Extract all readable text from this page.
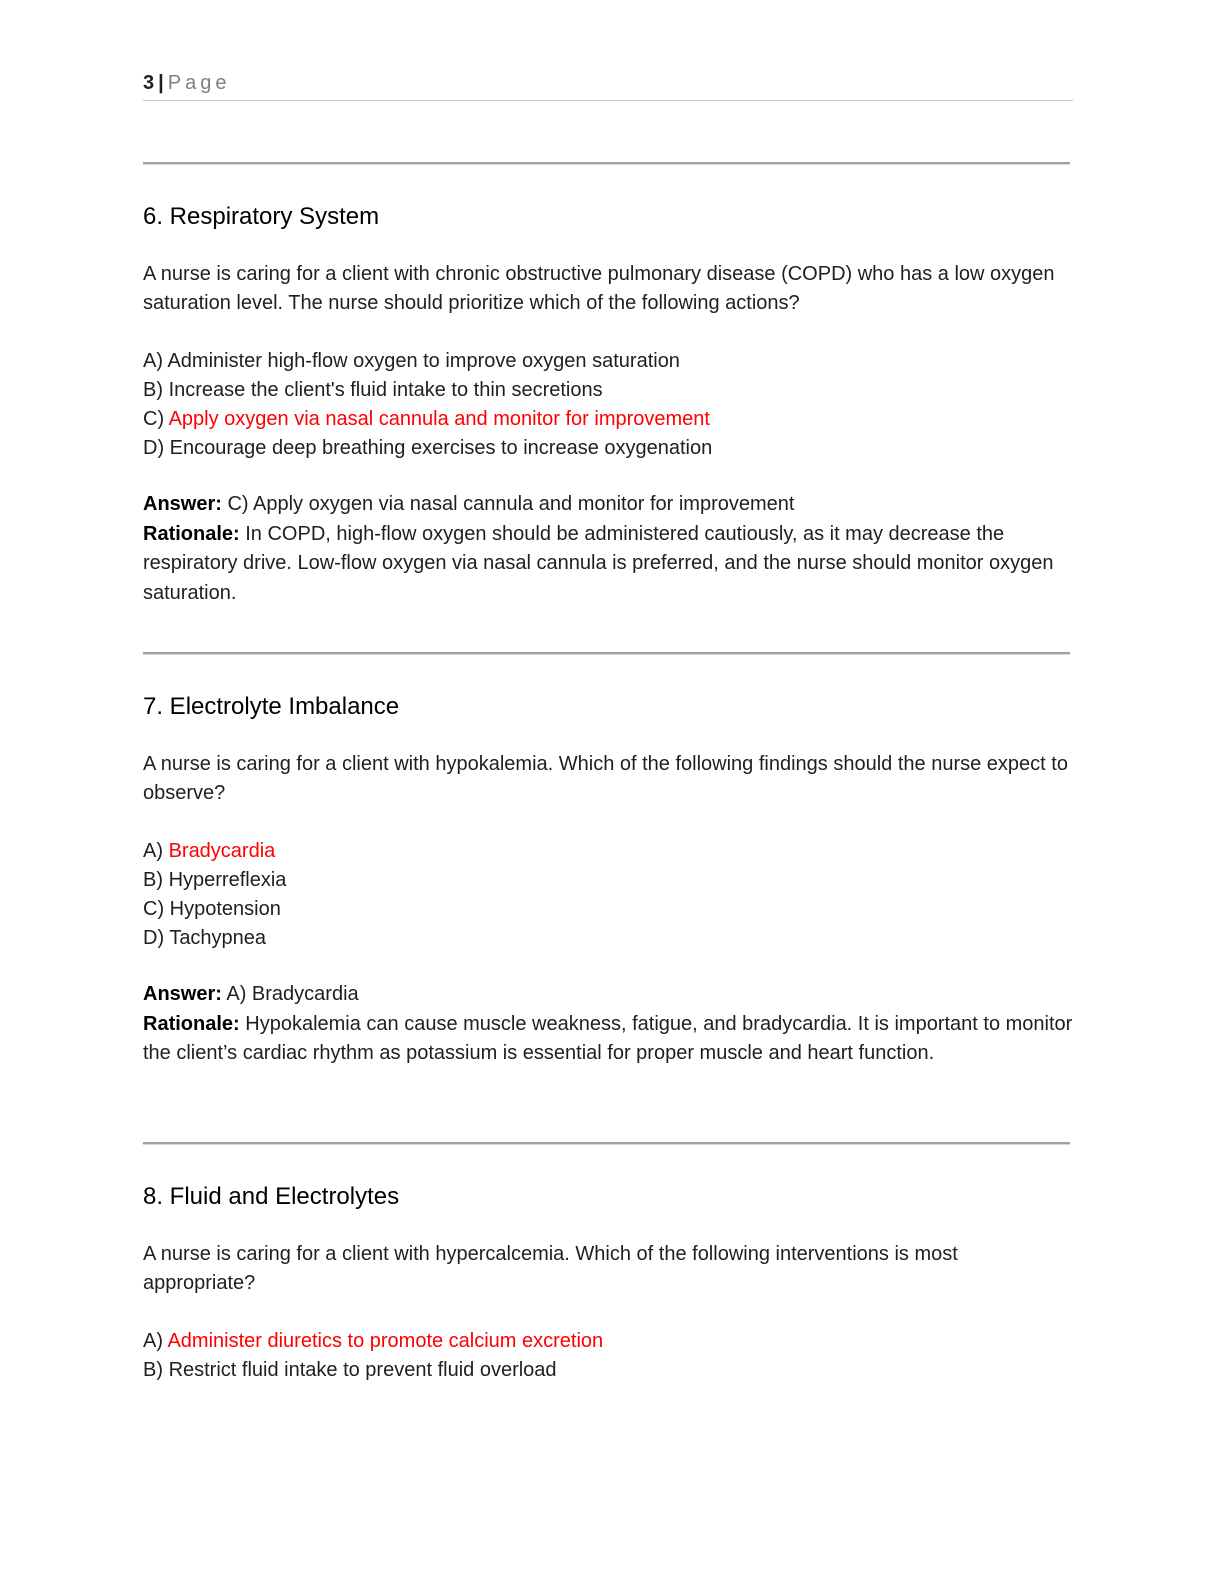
3 | Page
6. Respiratory System

A nurse is caring for a client with chronic obstructive pulmonary disease (COPD) who has a low oxygen saturation level. The nurse should prioritize which of the following actions?

A) Administer high-flow oxygen to improve oxygen saturation
B) Increase the client's fluid intake to thin secretions
C) Apply oxygen via nasal cannula and monitor for improvement
D) Encourage deep breathing exercises to increase oxygenation

Answer: C) Apply oxygen via nasal cannula and monitor for improvement
Rationale: In COPD, high-flow oxygen should be administered cautiously, as it may decrease the respiratory drive. Low-flow oxygen via nasal cannula is preferred, and the nurse should monitor oxygen saturation.

7. Electrolyte Imbalance

A nurse is caring for a client with hypokalemia. Which of the following findings should the nurse expect to observe?

A) Bradycardia
B) Hyperreflexia
C) Hypotension
D) Tachypnea

Answer: A) Bradycardia
Rationale: Hypokalemia can cause muscle weakness, fatigue, and bradycardia. It is important to monitor the client’s cardiac rhythm as potassium is essential for proper muscle and heart function.

8. Fluid and Electrolytes

A nurse is caring for a client with hypercalcemia. Which of the following interventions is most appropriate?

A) Administer diuretics to promote calcium excretion
B) Restrict fluid intake to prevent fluid overload
